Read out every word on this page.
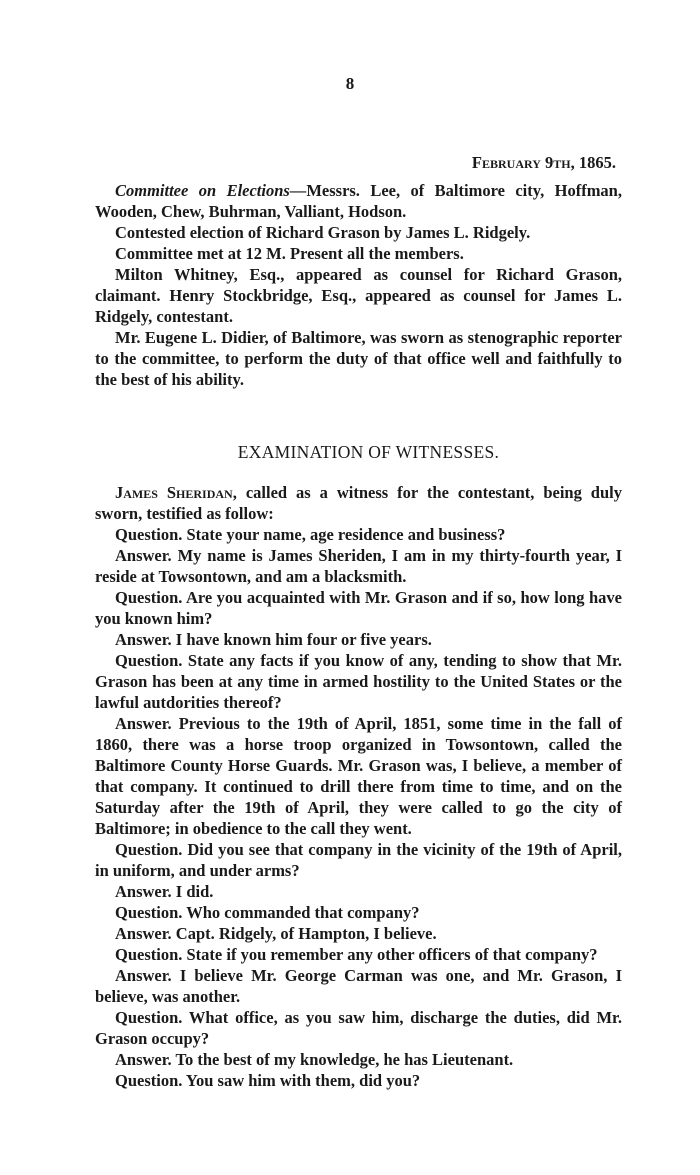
8

February 9th, 1865.

Committee on Elections—Messrs. Lee, of Baltimore city, Hoffman, Wooden, Chew, Buhrman, Valliant, Hodson.

Contested election of Richard Grason by James L. Ridgely.

Committee met at 12 M. Present all the members.

Milton Whitney, Esq., appeared as counsel for Richard Grason, claimant. Henry Stockbridge, Esq., appeared as counsel for James L. Ridgely, contestant.

Mr. Eugene L. Didier, of Baltimore, was sworn as stenographic reporter to the committee, to perform the duty of that office well and faithfully to the best of his ability.

EXAMINATION OF WITNESSES.

James Sheridan, called as a witness for the contestant, being duly sworn, testified as follow:

Question. State your name, age residence and business?

Answer. My name is James Sheriden, I am in my thirty-fourth year, I reside at Towsontown, and am a blacksmith.

Question. Are you acquainted with Mr. Grason and if so, how long have you known him?

Answer. I have known him four or five years.

Question. State any facts if you know of any, tending to show that Mr. Grason has been at any time in armed hostility to the United States or the lawful autdorities thereof?

Answer. Previous to the 19th of April, 1851, some time in the fall of 1860, there was a horse troop organized in Towsontown, called the Baltimore County Horse Guards. Mr. Grason was, I believe, a member of that company. It continued to drill there from time to time, and on the Saturday after the 19th of April, they were called to go the city of Baltimore; in obedience to the call they went.

Question. Did you see that company in the vicinity of the 19th of April, in uniform, and under arms?

Answer. I did.

Question. Who commanded that company?

Answer. Capt. Ridgely, of Hampton, I believe.

Question. State if you remember any other officers of that company?

Answer. I believe Mr. George Carman was one, and Mr. Grason, I believe, was another.

Question. What office, as you saw him, discharge the duties, did Mr. Grason occupy?

Answer. To the best of my knowledge, he has Lieutenant.

Question. You saw him with them, did you?
